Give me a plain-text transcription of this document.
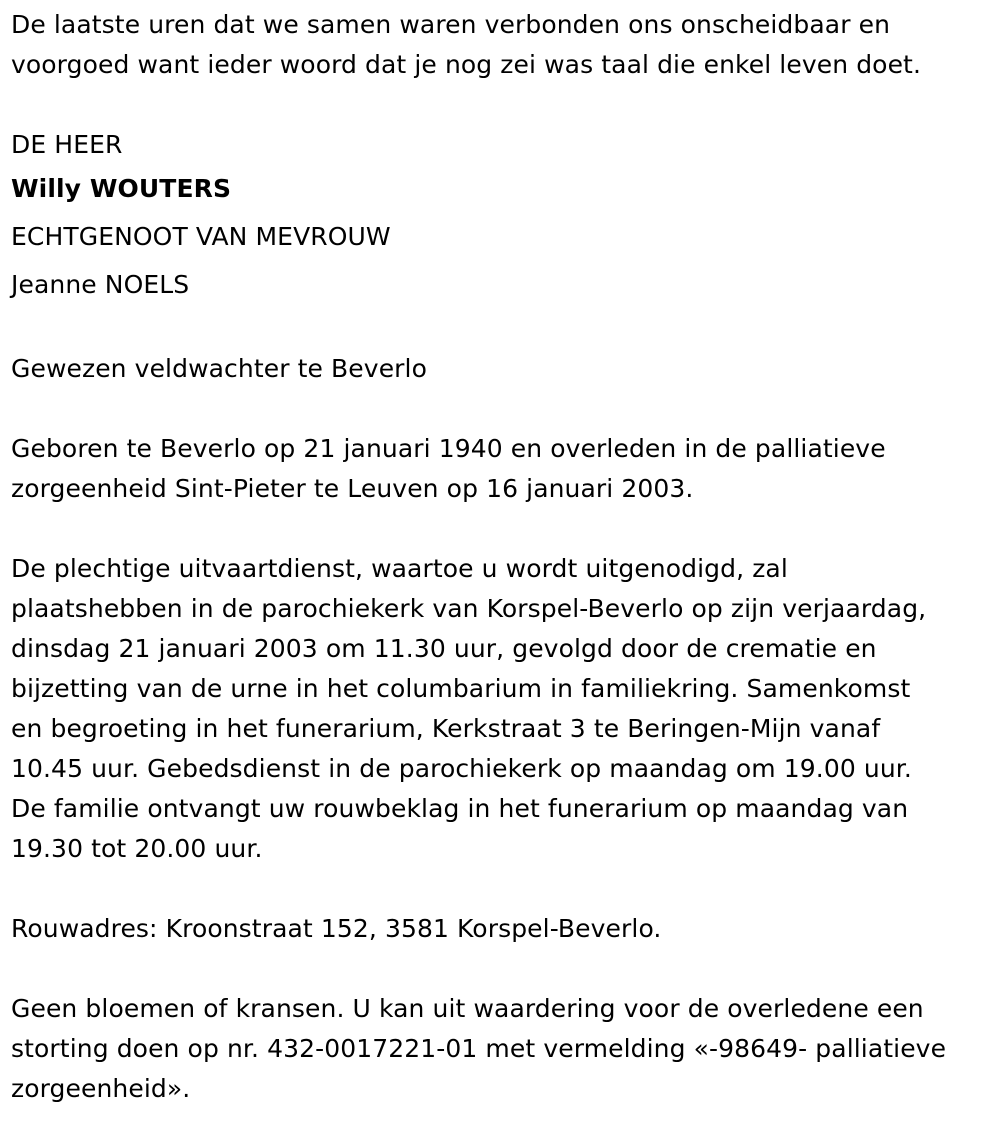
De laatste uren dat we samen waren verbonden ons onscheidbaar en

voorgoed want ieder woord dat je nog zei was taal die enkel leven doet.

DE HEER

Willy WOUTERS

ECHTGENOOT VAN MEVROUW

Jeanne NOELS

Gewezen veldwachter te Beverlo

Geboren te Beverlo op 21 januari 1940 en overleden in de palliatieve

zorgeenheid Sint-Pieter te Leuven op 16 januari 2003.

De plechtige uitvaartdienst, waartoe u wordt uitgenodigd, zal

plaatshebben in de parochiekerk van Korspel-Beverlo op zijn verjaardag,

dinsdag 21 januari 2003 om 11.30 uur, gevolgd door de crematie en

bijzetting van de urne in het columbarium in familiekring. Samenkomst

en begroeting in het funerarium, Kerkstraat 3 te Beringen-Mijn vanaf

10.45 uur. Gebedsdienst in de parochiekerk op maandag om 19.00 uur.

De familie ontvangt uw rouwbeklag in het funerarium op maandag van

19.30 tot 20.00 uur.

Rouwadres: Kroonstraat 152, 3581 Korspel-Beverlo.

Geen bloemen of kransen. U kan uit waardering voor de overledene een

storting doen op nr. 432-0017221-01 met vermelding «-98649- palliatieve

zorgeenheid».
